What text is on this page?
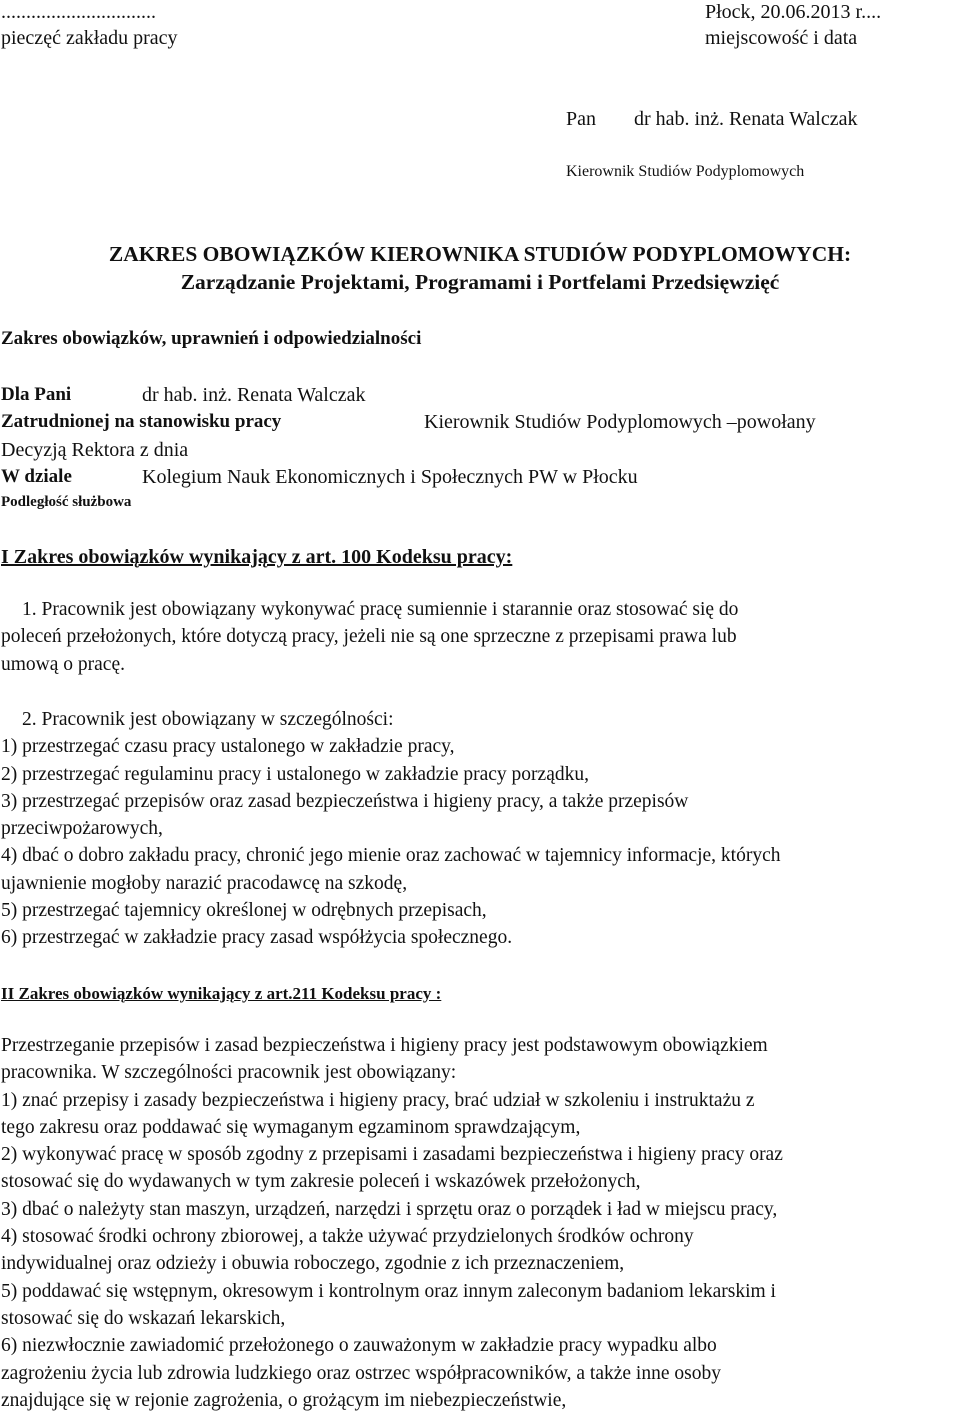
...............................
pieczęć zakładu pracy
Płock, 20.06.2013 r....
miejscowość i data
Pan dr hab. inż. Renata Walczak
Kierownik Studiów Podyplomowych
ZAKRES OBOWIĄZKÓW KIEROWNIKA STUDIÓW PODYPLOMOWYCH:
Zarządzanie Projektami, Programami i Portfelami Przedsięwzięć
Zakres obowiązków, uprawnień i odpowiedzialności
Dla Pani	dr hab. inż. Renata Walczak
Zatrudnionej na stanowisku pracy	Kierownik Studiów Podyplomowych –powołany
Decyzją Rektora z dnia
W dziale	Kolegium Nauk Ekonomicznych i Społecznych PW w Płocku
Podległość służbowa
I Zakres obowiązków wynikający z art. 100 Kodeksu pracy:
1. Pracownik jest obowiązany wykonywać pracę sumiennie i starannie oraz stosować się do
poleceń przełożonych, które dotyczą pracy, jeżeli nie są one sprzeczne z przepisami prawa lub
umową o pracę.
2. Pracownik jest obowiązany w szczególności:
1) przestrzegać czasu pracy ustalonego w zakładzie pracy,
2) przestrzegać regulaminu pracy i ustalonego w zakładzie pracy porządku,
3) przestrzegać przepisów oraz zasad bezpieczeństwa i higieny pracy, a także przepisów
przeciwpożarowych,
4) dbać o dobro zakładu pracy, chronić jego mienie oraz zachować w tajemnicy informacje, których
ujawnienie mogłoby narazić pracodawcę na szkodę,
5) przestrzegać tajemnicy określonej w odrębnych przepisach,
6) przestrzegać w zakładzie pracy zasad współżycia społecznego.
II Zakres obowiązków wynikający z art.211 Kodeksu pracy :
Przestrzeganie przepisów i zasad bezpieczeństwa i higieny pracy jest podstawowym obowiązkiem
pracownika. W szczególności pracownik jest obowiązany:
1) znać przepisy i zasady bezpieczeństwa i higieny pracy, brać udział w szkoleniu i instruktażu z
tego zakresu oraz poddawać się wymaganym egzaminom sprawdzającym,
2) wykonywać pracę w sposób zgodny z przepisami i zasadami bezpieczeństwa i higieny pracy oraz
stosować się do wydawanych w tym zakresie poleceń i wskazówek przełożonych,
3) dbać o należyty stan maszyn, urządzeń, narzędzi i sprzętu oraz o porządek i ład w miejscu pracy,
4) stosować środki ochrony zbiorowej, a także używać przydzielonych środków ochrony
indywidualnej oraz odzieży i obuwia roboczego, zgodnie z ich przeznaczeniem,
5) poddawać się wstępnym, okresowym i kontrolnym oraz innym zaleconym badaniom lekarskim i
stosować się do wskazań lekarskich,
6) niezwłocznie zawiadomić przełożonego o zauważonym w zakładzie pracy wypadku albo
zagrożeniu życia lub zdrowia ludzkiego oraz ostrzec współpracowników, a także inne osoby
znajdujące się w rejonie zagrożenia, o grożącym im niebezpieczeństwie,
